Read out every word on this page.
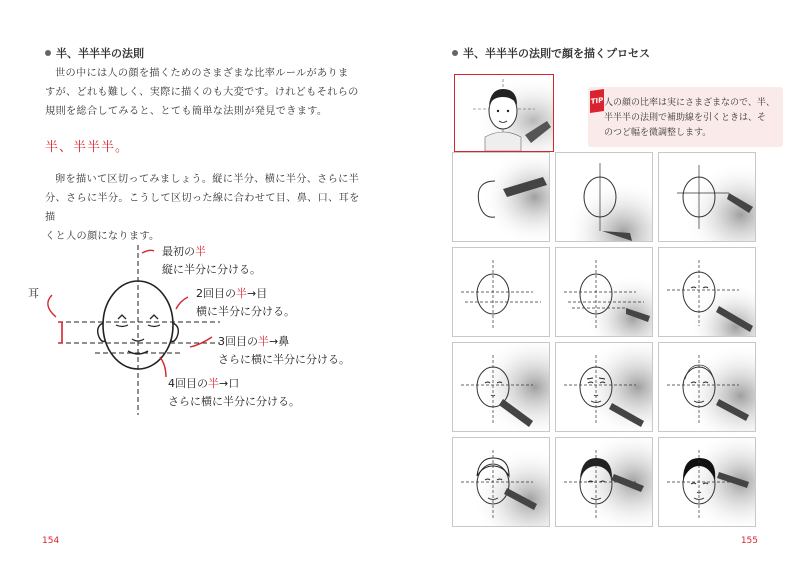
半、半半半の法則
世の中には人の顔を描くためのさまざまな比率ルールがありま
すが、どれも難しく、実際に描くのも大変です。けれどもそれらの
規則を総合してみると、とても簡単な法則が発見できます。
半、半半半。
卵を描いて区切ってみましょう。縦に半分、横に半分、さらに半
分、さらに半分。こうして区切った線に合わせて目、鼻、口、耳を描
くと人の顔になります。
耳
最初の半
縦に半分に分ける。
2回目の半→目
横に半分に分ける。
3回目の半→鼻
さらに横に半分に分ける。
4回目の半→口
さらに横に半分に分ける。
154
半、半半半の法則で顔を描くプロセス
TIP 人の顔の比率は実にさまざまなので、半、
半半半の法則で補助線を引くときは、そ
のつど幅を微調整します。
155
